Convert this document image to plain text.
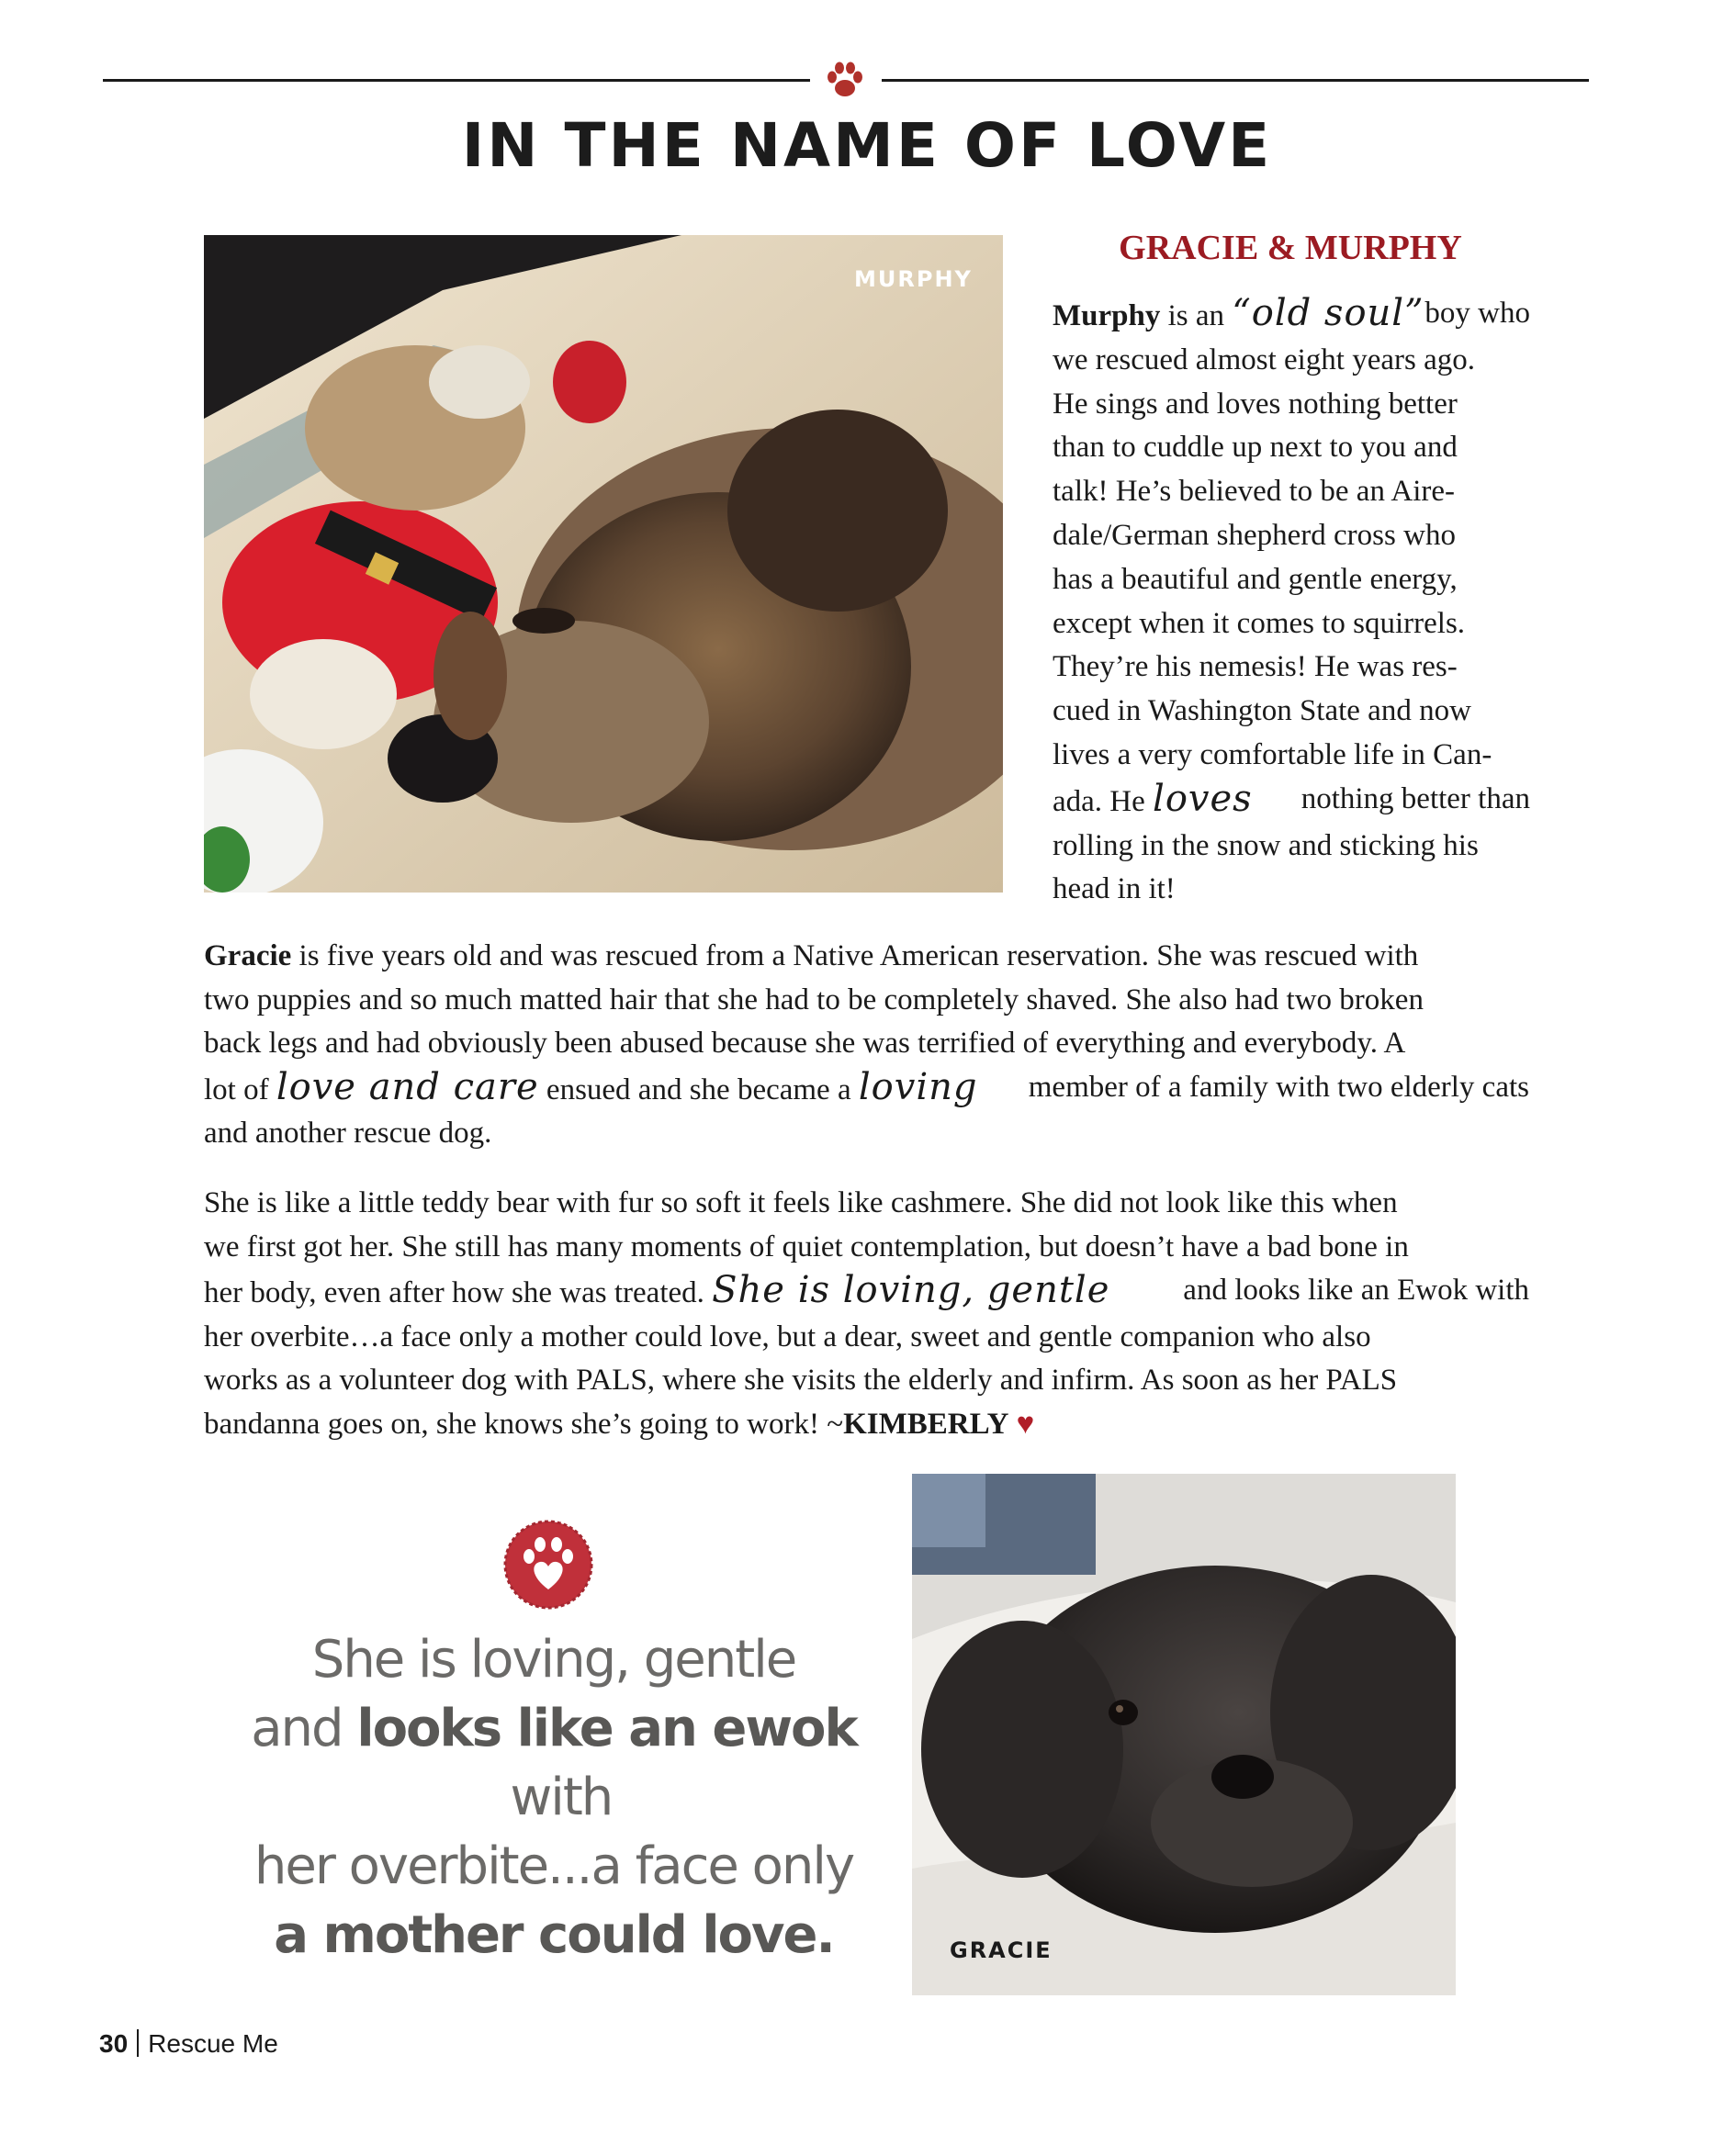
IN THE NAME OF LOVE
MURPHY
GRACIE & MURPHY
Murphy is an “old soul” boy who
we rescued almost eight years ago.
He sings and loves nothing better
than to cuddle up next to you and
talk! He’s believed to be an Aire-
dale/German shepherd cross who
has a beautiful and gentle energy,
except when it comes to squirrels.
They’re his nemesis! He was res-
cued in Washington State and now
lives a very comfortable life in Can-
ada. He loves nothing better than
rolling in the snow and sticking his
head in it!
Gracie is five years old and was rescued from a Native American reservation. She was rescued with
two puppies and so much matted hair that she had to be completely shaved. She also had two broken
back legs and had obviously been abused because she was terrified of everything and everybody. A
lot of love and care ensued and she became a loving member of a family with two elderly cats
and another rescue dog.
She is like a little teddy bear with fur so soft it feels like cashmere. She did not look like this when
we first got her. She still has many moments of quiet contemplation, but doesn’t have a bad bone in
her body, even after how she was treated. She is loving, gentle and looks like an Ewok with
her overbite…a face only a mother could love, but a dear, sweet and gentle companion who also
works as a volunteer dog with PALS, where she visits the elderly and infirm. As soon as her PALS
bandanna goes on, she knows she’s going to work! ~ KIMBERLY ♥
She is loving, gentle
and looks like an ewok with
her overbite...a face only
a mother could love.	GRACIE
30 Rescue Me
